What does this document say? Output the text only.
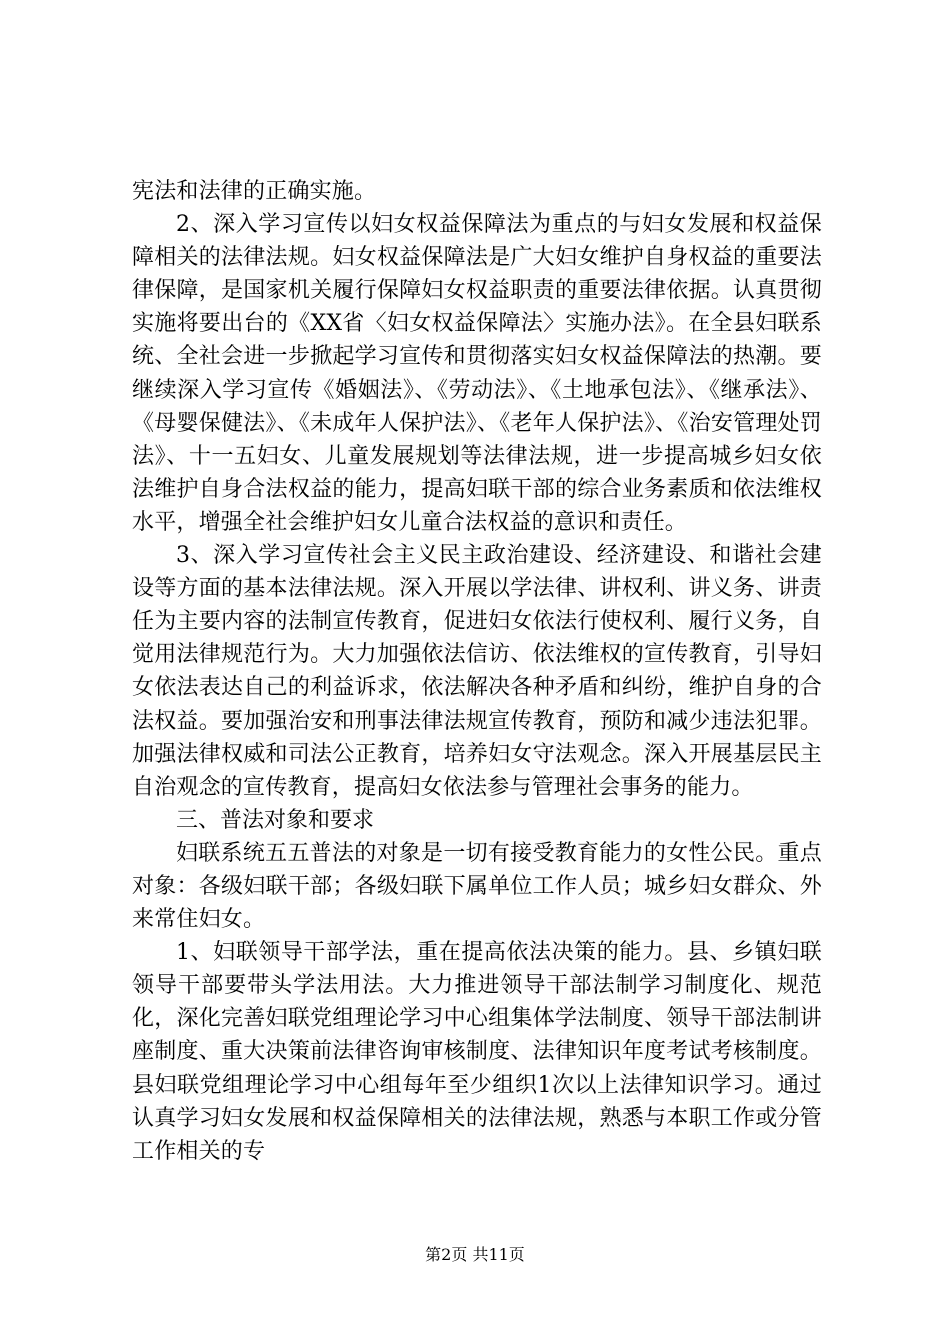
宪法和法律的正确实施。

2、深入学习宣传以妇女权益保障法为重点的与妇女发展和权益保障相关的法律法规。妇女权益保障法是广大妇女维护自身权益的重要法律保障，是国家机关履行保障妇女权益职责的重要法律依据。认真贯彻实施将要出台的《XX省〈妇女权益保障法〉实施办法》。在全县妇联系统、全社会进一步掀起学习宣传和贯彻落实妇女权益保障法的热潮。要继续深入学习宣传《婚姻法》、《劳动法》、《土地承包法》、《继承法》、《母婴保健法》、《未成年人保护法》、《老年人保护法》、《治安管理处罚法》、十一五妇女、儿童发展规划等法律法规，进一步提高城乡妇女依法维护自身合法权益的能力，提高妇联干部的综合业务素质和依法维权水平，增强全社会维护妇女儿童合法权益的意识和责任。

3、深入学习宣传社会主义民主政治建设、经济建设、和谐社会建设等方面的基本法律法规。深入开展以学法律、讲权利、讲义务、讲责任为主要内容的法制宣传教育，促进妇女依法行使权利、履行义务，自觉用法律规范行为。大力加强依法信访、依法维权的宣传教育，引导妇女依法表达自己的利益诉求，依法解决各种矛盾和纠纷，维护自身的合法权益。要加强治安和刑事法律法规宣传教育，预防和减少违法犯罪。加强法律权威和司法公正教育，培养妇女守法观念。深入开展基层民主自治观念的宣传教育，提高妇女依法参与管理社会事务的能力。

三、普法对象和要求

妇联系统五五普法的对象是一切有接受教育能力的女性公民。重点对象：各级妇联干部；各级妇联下属单位工作人员；城乡妇女群众、外来常住妇女。

1、妇联领导干部学法，重在提高依法决策的能力。县、乡镇妇联领导干部要带头学法用法。大力推进领导干部法制学习制度化、规范化，深化完善妇联党组理论学习中心组集体学法制度、领导干部法制讲座制度、重大决策前法律咨询审核制度、法律知识年度考试考核制度。县妇联党组理论学习中心组每年至少组织1次以上法律知识学习。通过认真学习妇女发展和权益保障相关的法律法规，熟悉与本职工作或分管工作相关的专

第2页 共11页
